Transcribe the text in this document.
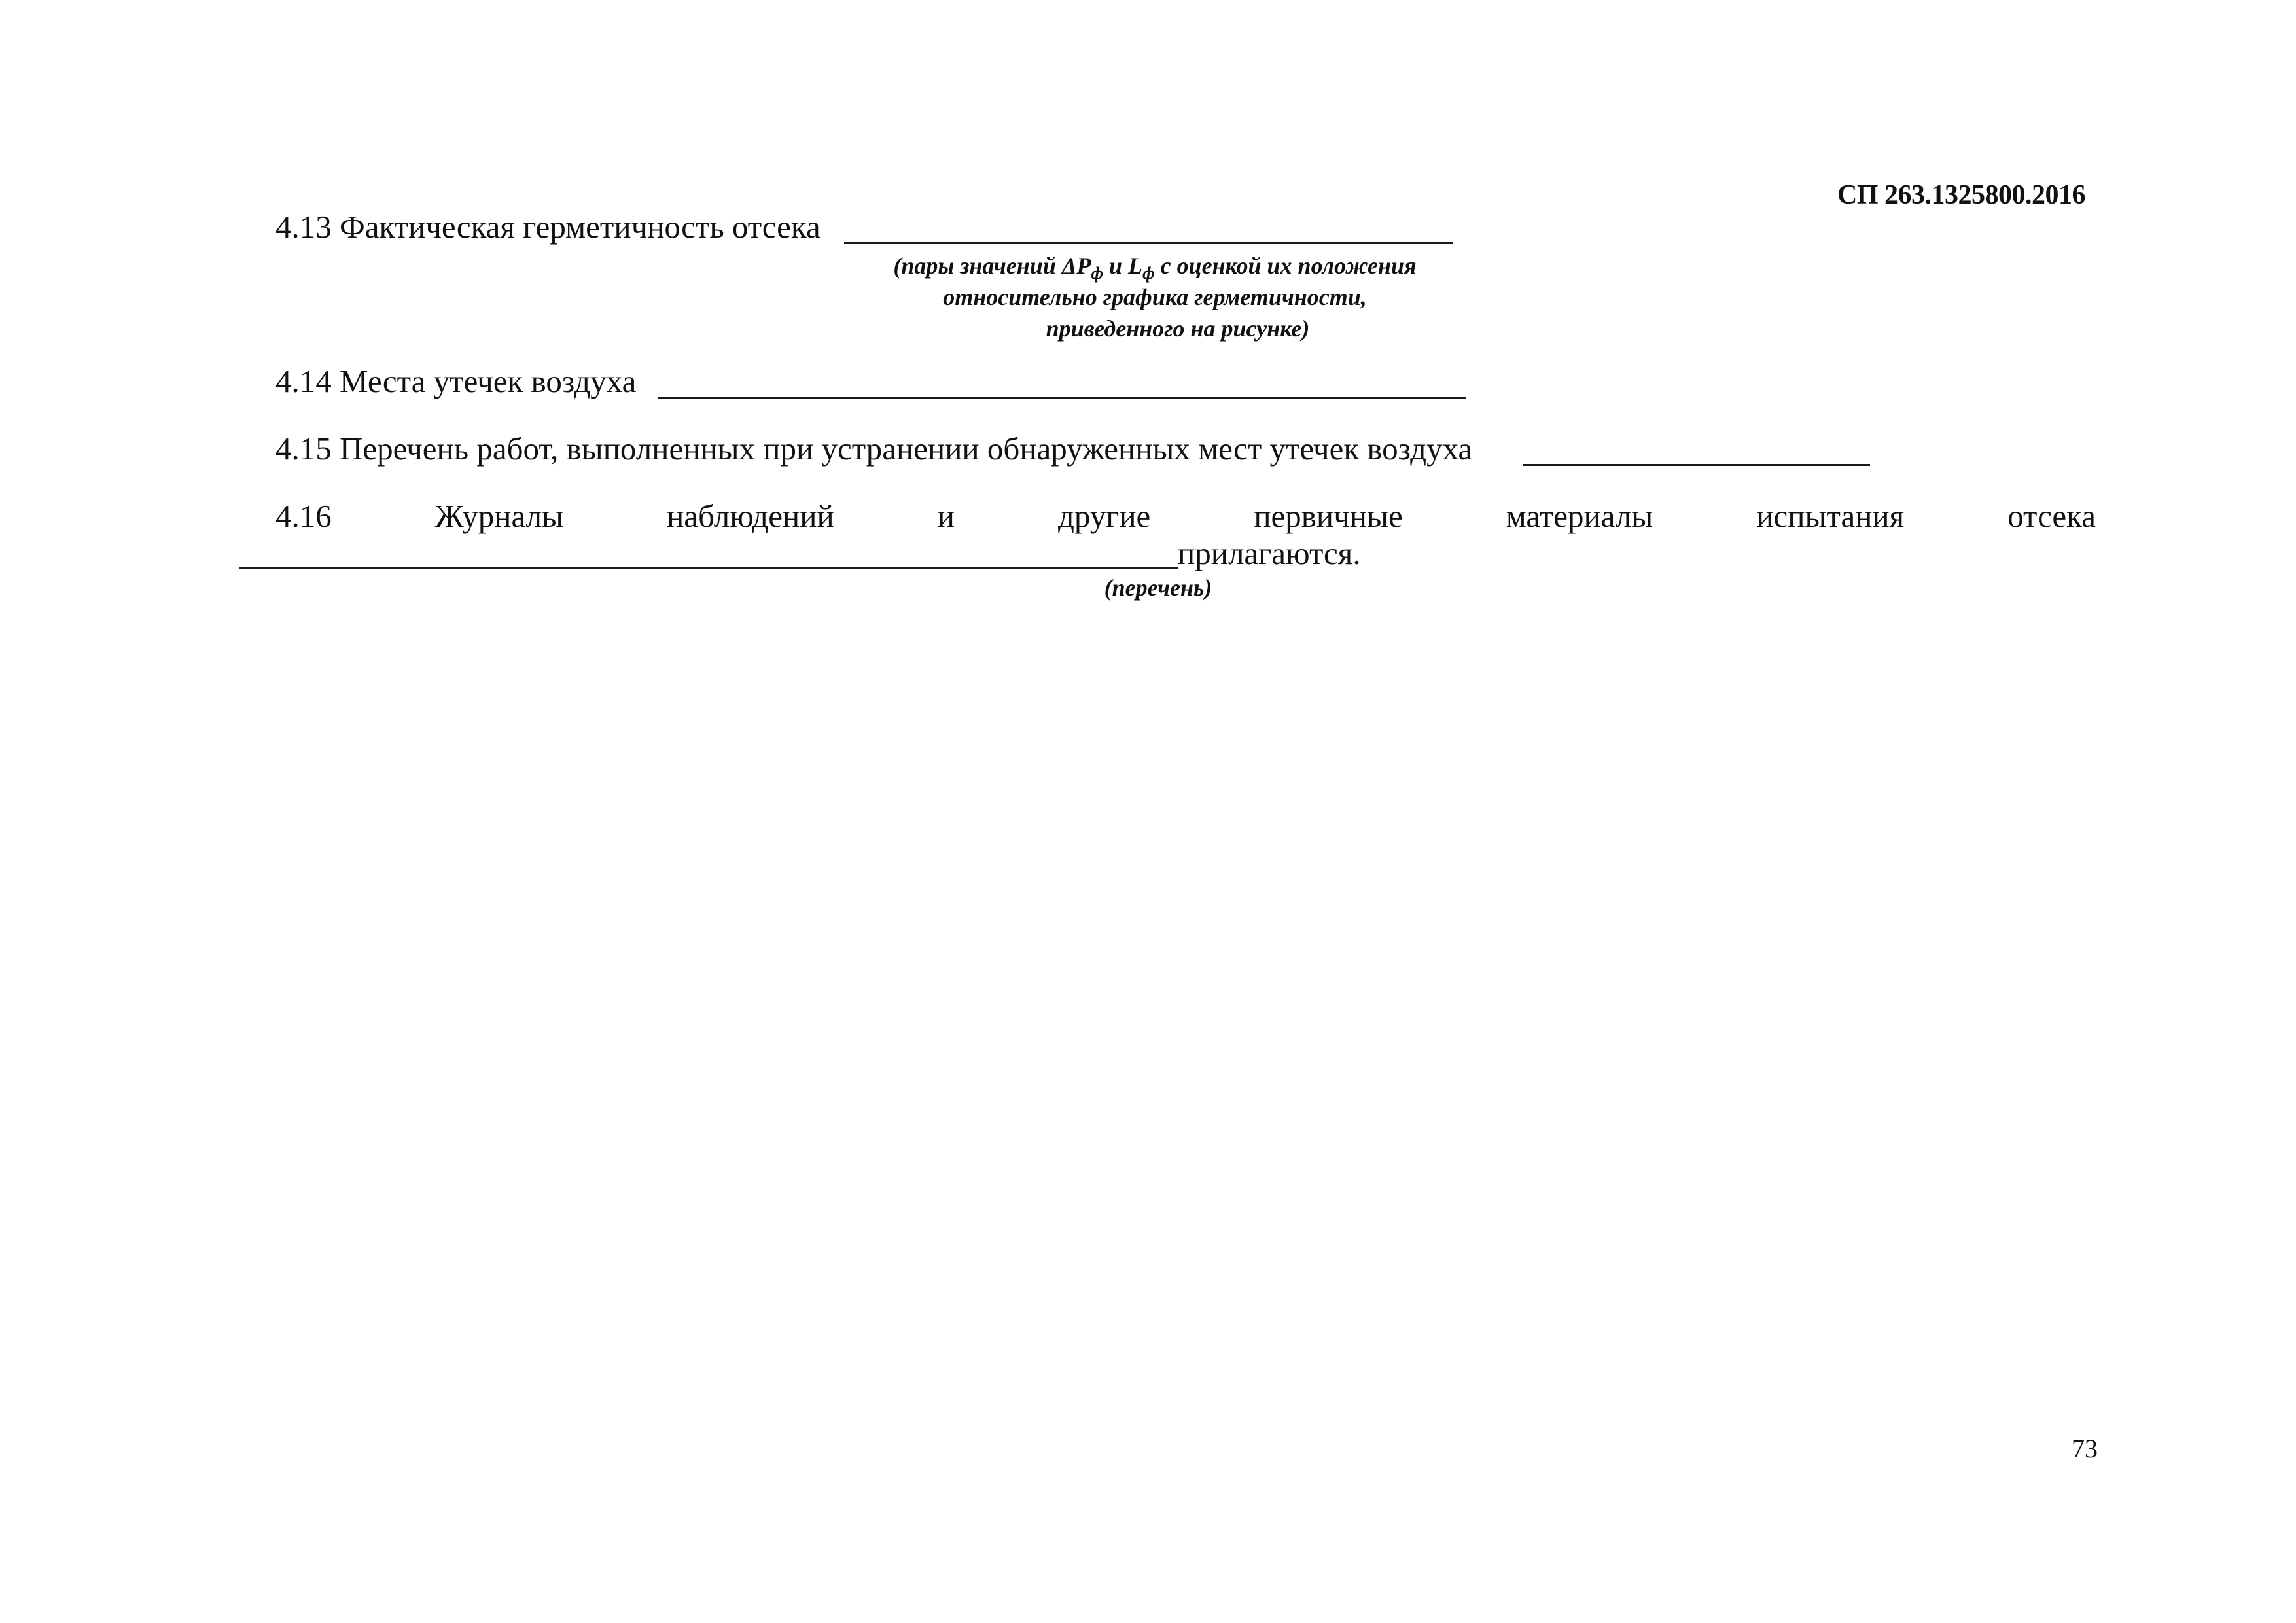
СП 263.1325800.2016
4.13 Фактическая герметичность отсека
(пары значений $\Delta P_ф$ и $L_ф$ с оценкой их положения
относительно графика герметичности,
приведенного на рисунке)
4.14 Места утечек воздуха
4.15 Перечень работ, выполненных при устранении обнаруженных мест утечек воздуха
4.16	Журналы	наблюдений	и	другие	первичные	материалы	испытания	отсека
прилагаются.
(перечень)
73
